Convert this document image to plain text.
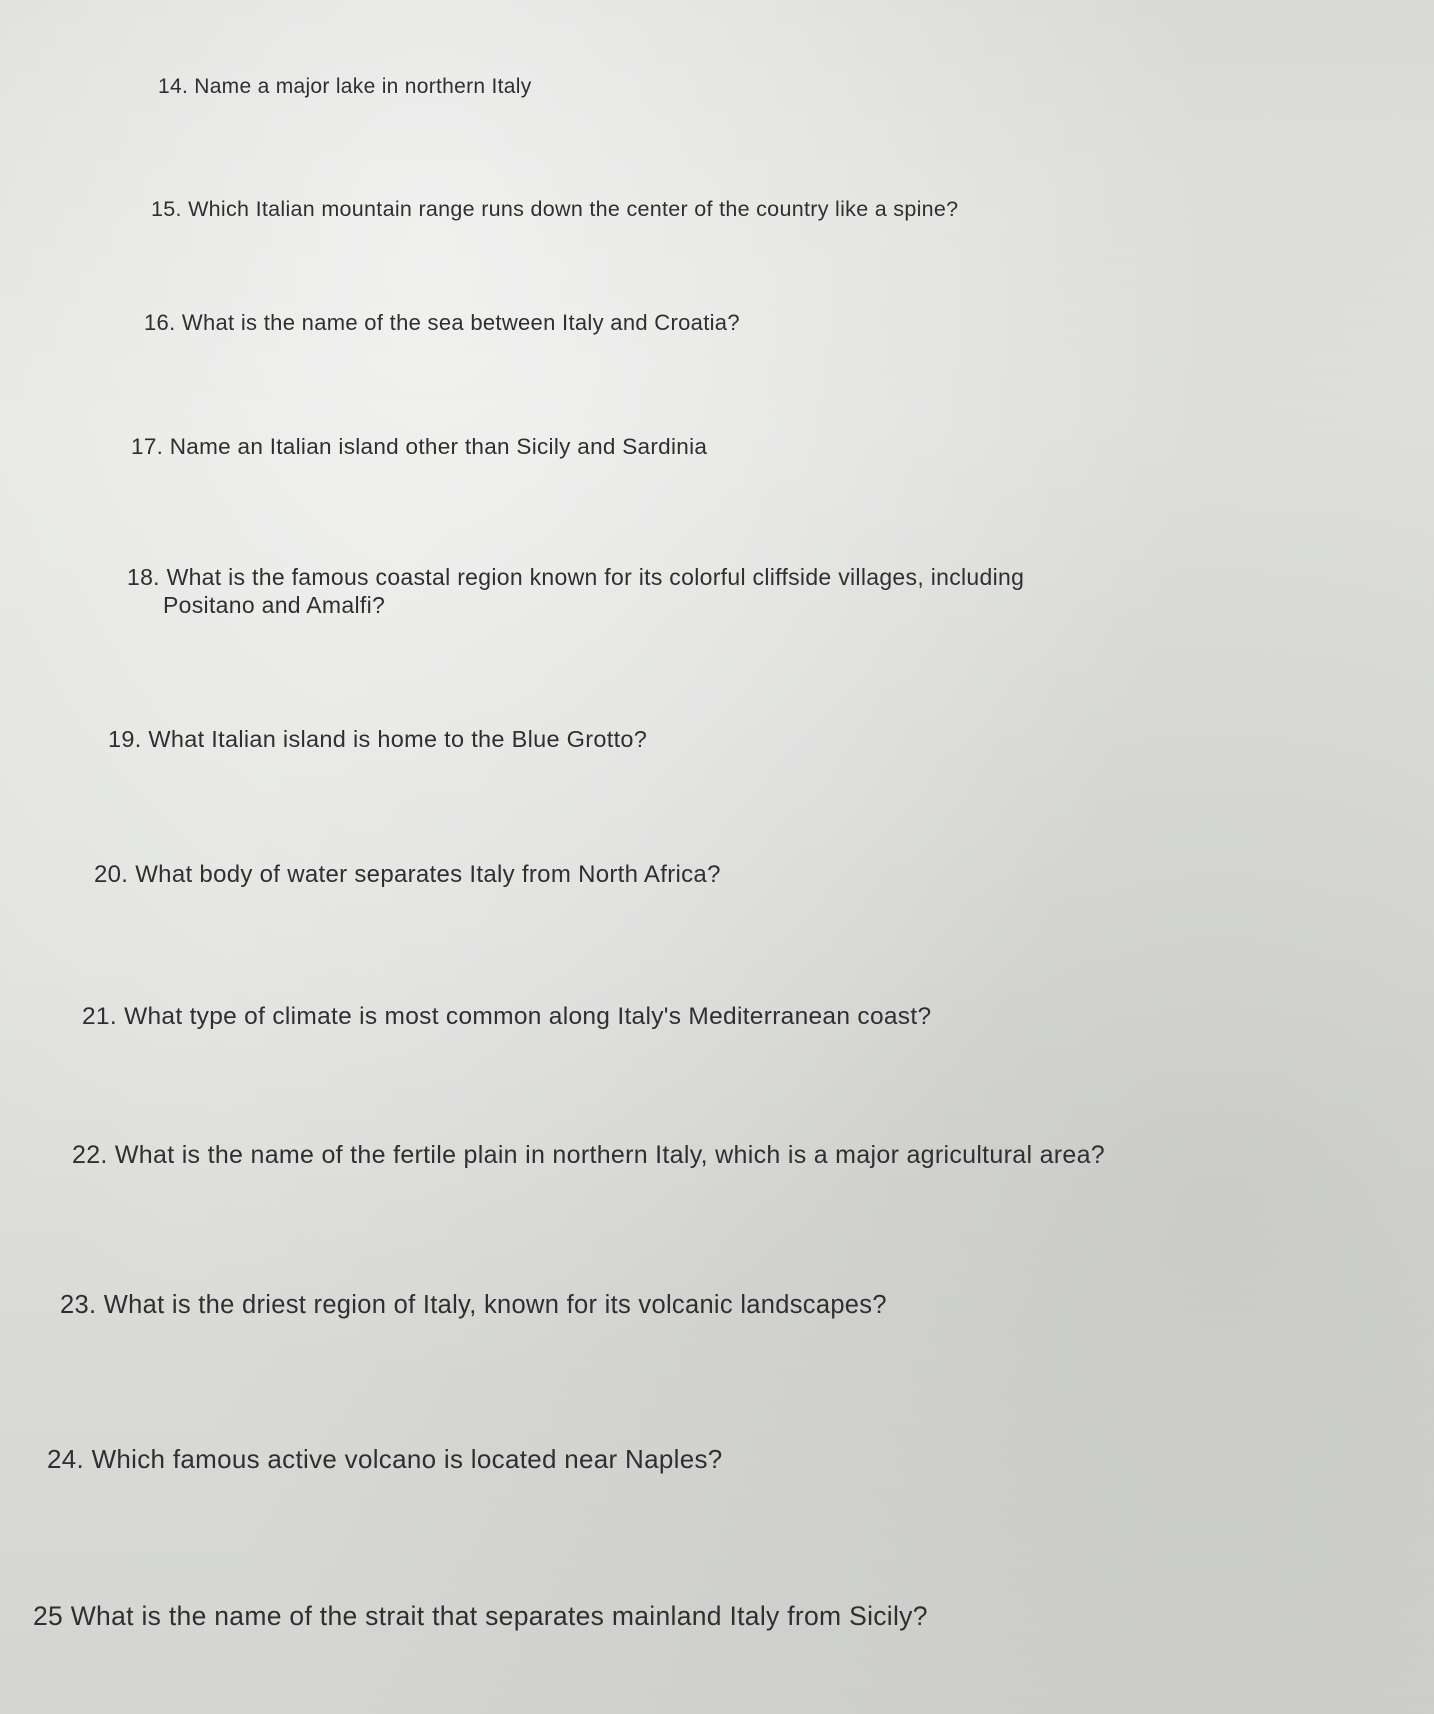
14. Name a major lake in northern Italy

15. Which Italian mountain range runs down the center of the country like a spine?

16. What is the name of the sea between Italy and Croatia?

17. Name an Italian island other than Sicily and Sardinia

18. What is the famous coastal region known for its colorful cliffside villages, including
Positano and Amalfi?

19. What Italian island is home to the Blue Grotto?

20. What body of water separates Italy from North Africa?

21. What type of climate is most common along Italy's Mediterranean coast?

22. What is the name of the fertile plain in northern Italy, which is a major agricultural area?

23. What is the driest region of Italy, known for its volcanic landscapes?

24. Which famous active volcano is located near Naples?

25 What is the name of the strait that separates mainland Italy from Sicily?
